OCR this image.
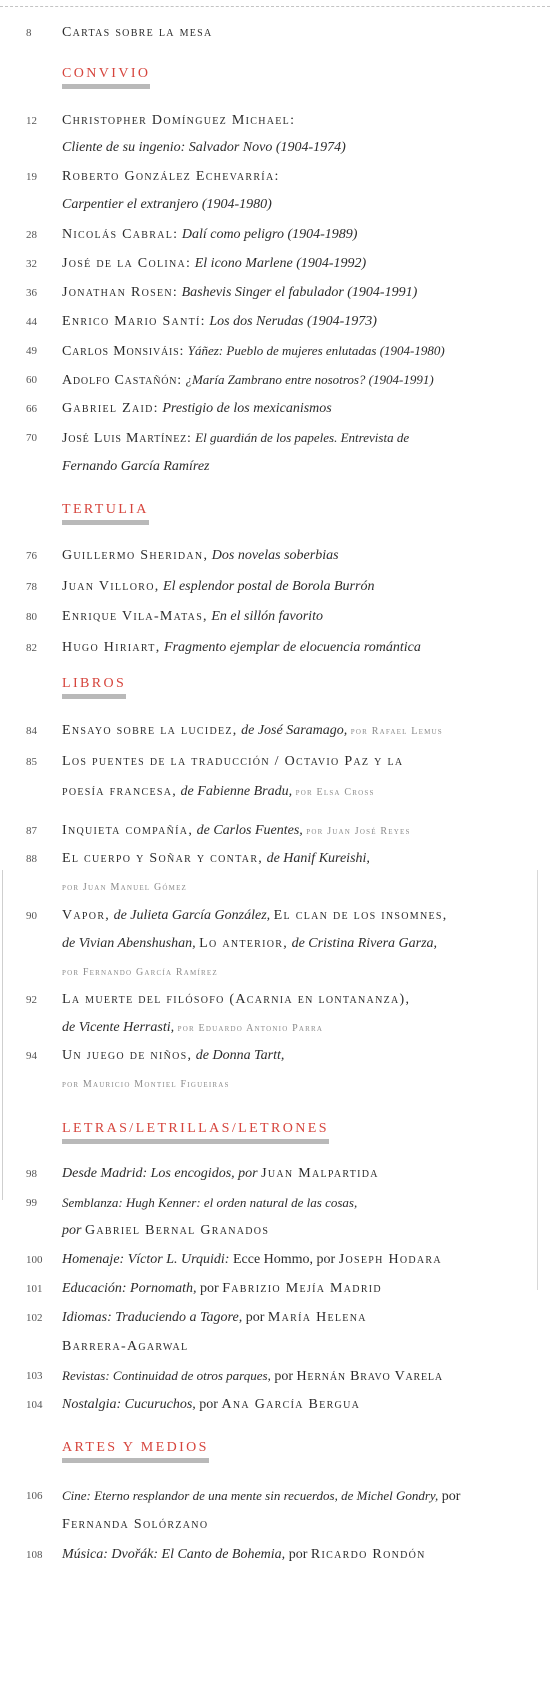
8	Cartas sobre la mesa
CONVIVIO
12	Christopher Domínguez Michael:
Cliente de su ingenio: Salvador Novo (1904-1974)
19	Roberto González Echevarría:
Carpentier el extranjero (1904-1980)
28	Nicolás Cabral: Dalí como peligro (1904-1989)
32	José de la Colina: El icono Marlene (1904-1992)
36	Jonathan Rosen: Bashevis Singer el fabulador (1904-1991)
44	Enrico Mario Santí: Los dos Nerudas (1904-1973)
49	Carlos Monsiváis: Yáñez: Pueblo de mujeres enlutadas (1904-1980)
60	Adolfo Castañón: ¿María Zambrano entre nosotros? (1904-1991)
66	Gabriel Zaid: Prestigio de los mexicanismos
70	José Luis Martínez: El guardián de los papeles. Entrevista de
Fernando García Ramírez
TERTULIA
76	Guillermo Sheridan, Dos novelas soberbias
78	Juan Villoro, El esplendor postal de Borola Burrón
80	Enrique Vila-Matas, En el sillón favorito
82	Hugo Hiriart, Fragmento ejemplar de elocuencia romántica
LIBROS
84	Ensayo sobre la lucidez, de José Saramago, por Rafael Lemus
85	Los puentes de la traducción / Octavio Paz y la
poesía francesa, de Fabienne Bradu, por Elsa Cross
87	Inquieta compañía, de Carlos Fuentes, por Juan José Reyes
88	El cuerpo y Soñar y contar, de Hanif Kureishi,
por Juan Manuel Gómez
90	Vapor, de Julieta García González, El clan de los insomnes,
de Vivian Abenshushan, Lo anterior, de Cristina Rivera Garza,
por Fernando García Ramírez
92	La muerte del filósofo (Acarnia en lontananza),
de Vicente Herrasti, por Eduardo Antonio Parra
94	Un juego de niños, de Donna Tartt,
por Mauricio Montiel Figueiras
LETRAS/LETRILLAS/LETRONES
98	Desde Madrid: Los encogidos, por Juan Malpartida
99	Semblanza: Hugh Kenner: el orden natural de las cosas,
por Gabriel Bernal Granados
100	Homenaje: Víctor L. Urquidi: Ecce Hommo, por Joseph Hodara
101	Educación: Pornomath, por Fabrizio Mejía Madrid
102	Idiomas: Traduciendo a Tagore, por María Helena
Barrera-Agarwal
103	Revistas: Continuidad de otros parques, por Hernán Bravo Varela
104	Nostalgia: Cucuruchos, por Ana García Bergua
ARTES Y MEDIOS
106	Cine: Eterno resplandor de una mente sin recuerdos, de Michel Gondry, por
Fernanda Solórzano
108	Música: Dvořák: El Canto de Bohemia, por Ricardo Rondón
